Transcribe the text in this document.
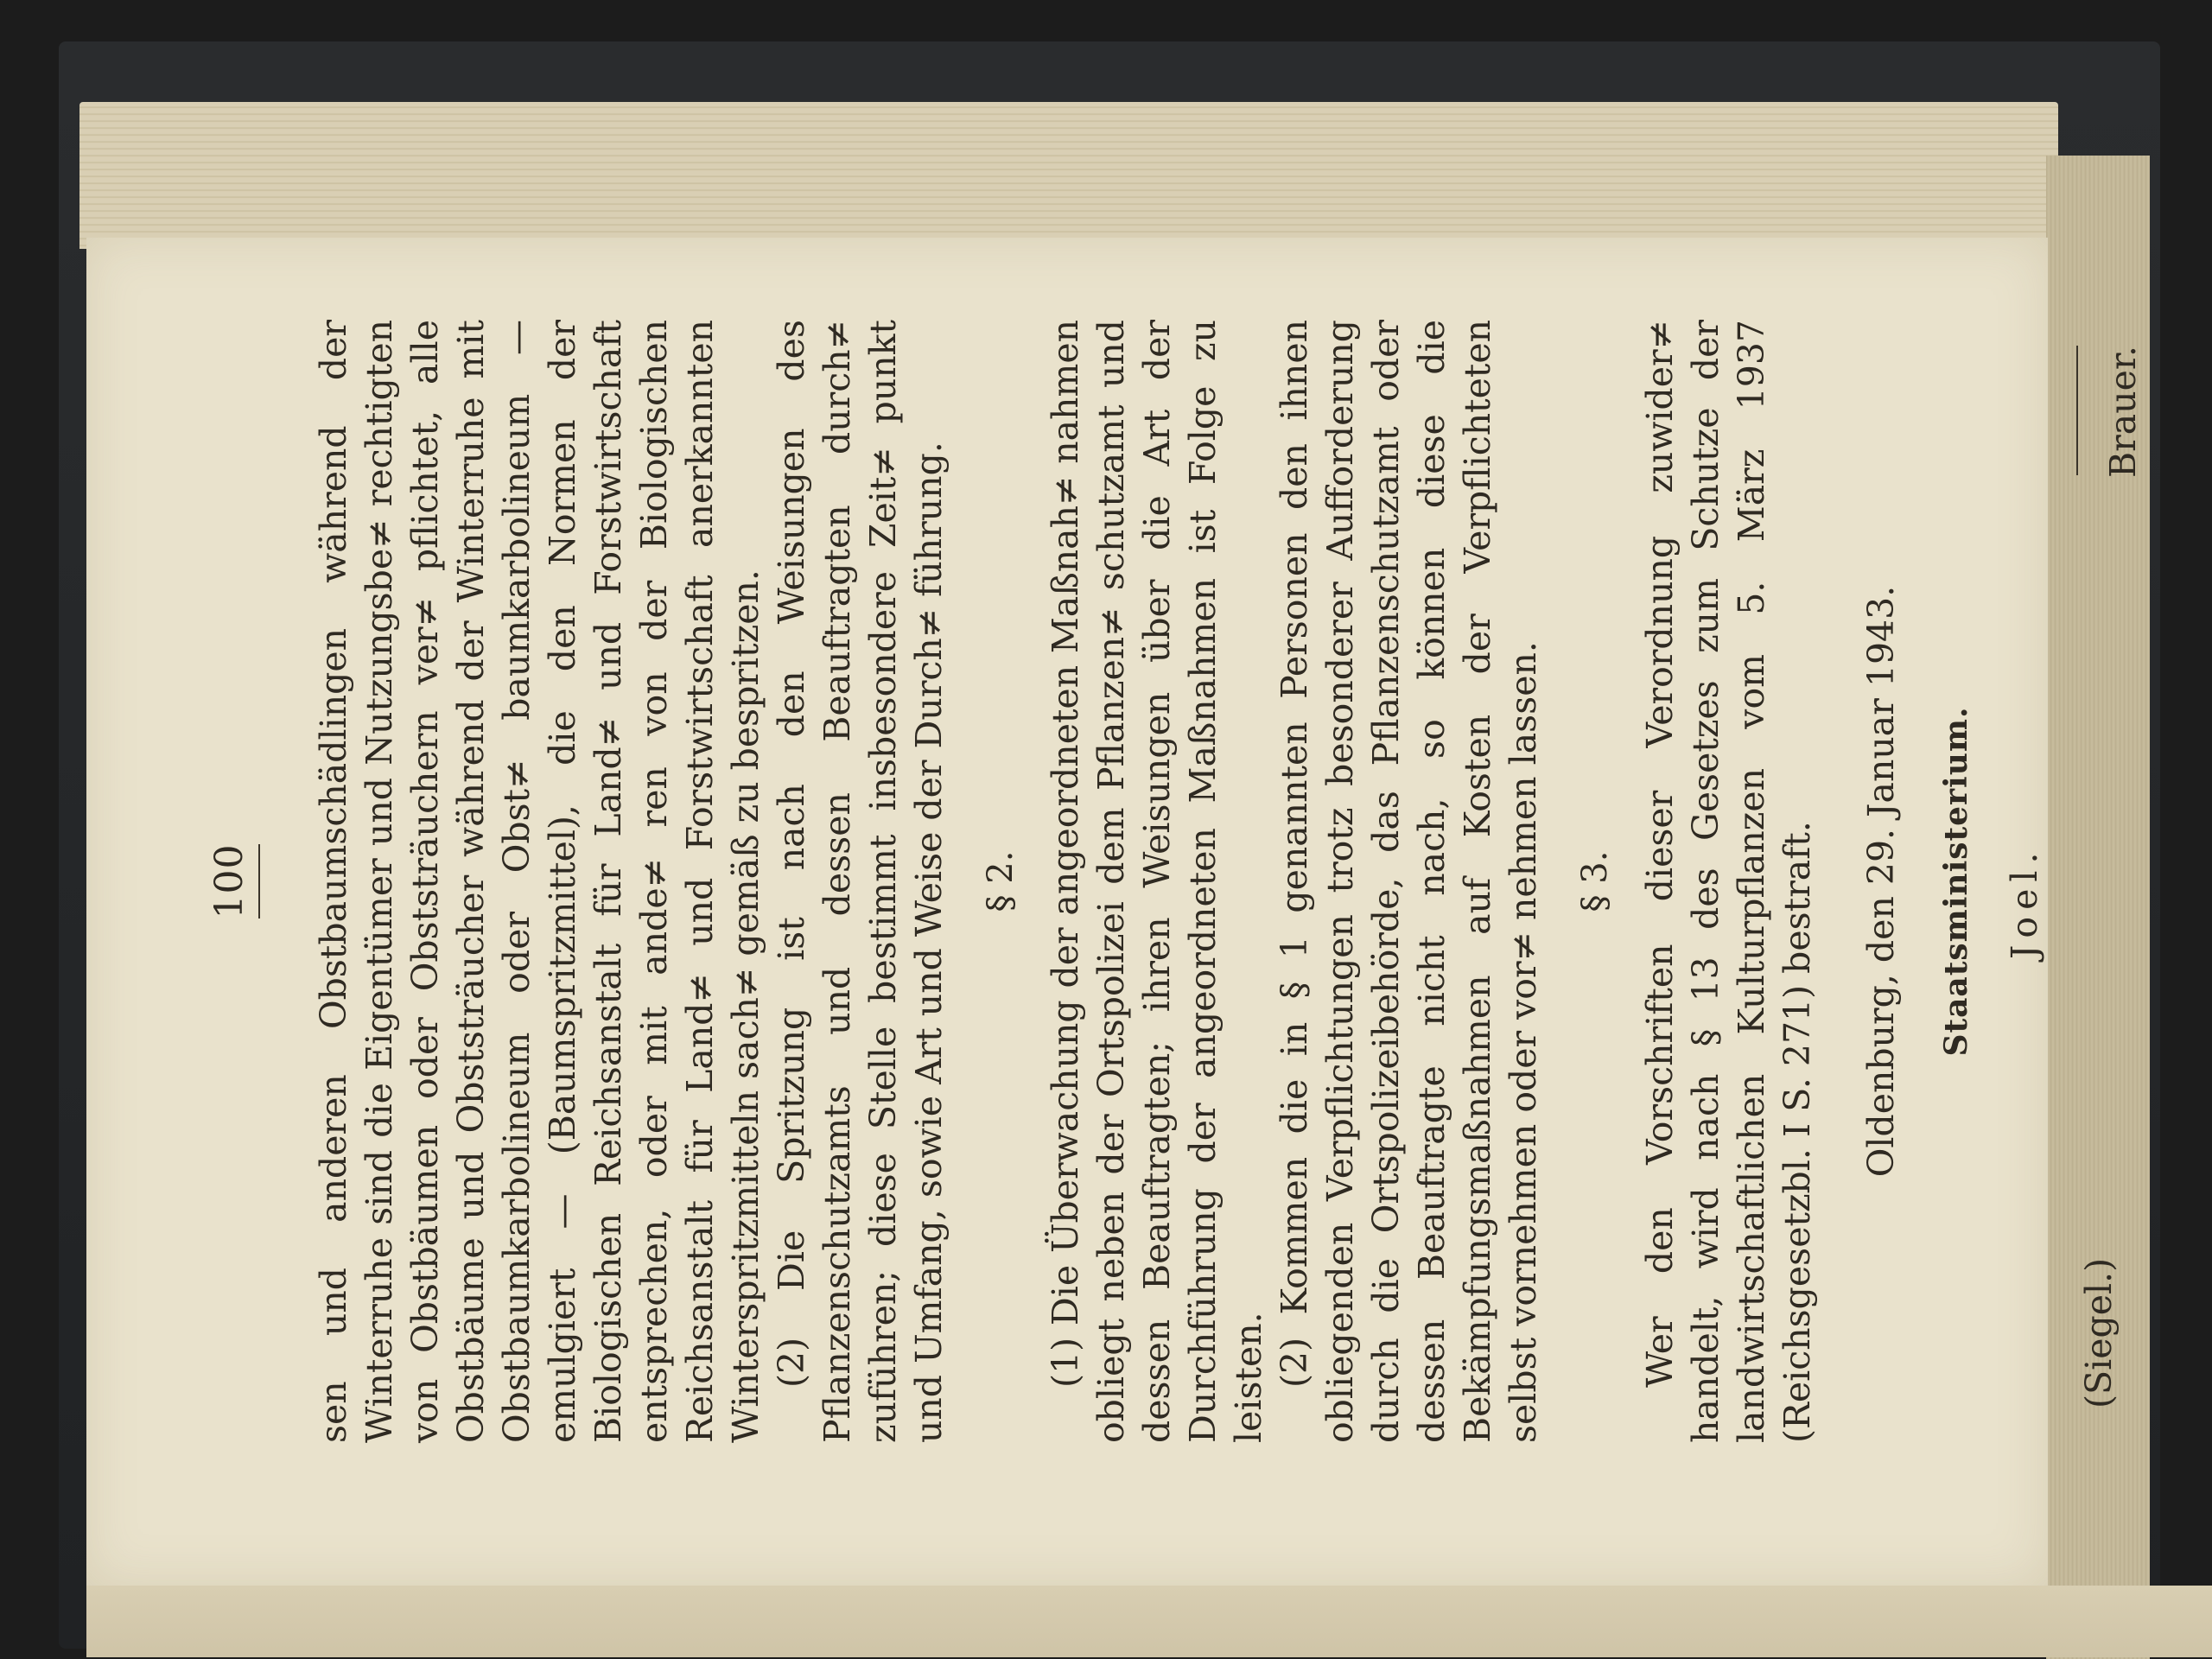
100 sen und anderen Obstbaumschädlingen während der Winterruhe sind die Eigentümer und Nutzungsbe≠ rechtigten von Obstbäumen oder Obststräuchern ver≠ pflichtet, alle Obstbäume und Obststräucher während der Winterruhe mit Obstbaumkarbolineum oder Obst≠ baumkarbolineum — emulgiert — (Baumspritzmittel), die den Normen der Biologischen Reichsanstalt für Land≠ und Forstwirtschaft entsprechen, oder mit ande≠ ren von der Biologischen Reichsanstalt für Land≠ und Forstwirtschaft anerkannten Winterspritzmitteln sach≠ gemäß zu bespritzen. (2) Die Spritzung ist nach den Weisungen des Pflanzenschutzamts und dessen Beauftragten durch≠ zuführen; diese Stelle bestimmt insbesondere Zeit≠ punkt und Umfang, sowie Art und Weise der Durch≠ führung. § 2. (1) Die Überwachung der angeordneten Maßnah≠ nahmen obliegt neben der Ortspolizei dem Pflanzen≠ schutzamt und dessen Beauftragten; ihren Weisungen über die Art der Durchführung der angeordneten Maßnahmen ist Folge zu leisten. (2) Kommen die in § 1 genannten Personen den ihnen obliegenden Verpflichtungen trotz besonderer Aufforderung durch die Ortspolizeibehörde, das Pflanzenschutzamt oder dessen Beauftragte nicht nach, so können diese die Bekämpfungsmaßnahmen auf Kosten der Verpflichteten selbst vornehmen oder vor≠ nehmen lassen. § 3. Wer den Vorschriften dieser Verordnung zuwider≠ handelt, wird nach § 13 des Gesetzes zum Schutze der landwirtschaftlichen Kulturpflanzen vom 5. März 1937 (Reichsgesetzbl. I S. 271) bestraft. Oldenburg, den 29. Januar 1943. Staatsministerium. Joel.
(Siegel.)
Brauer.
